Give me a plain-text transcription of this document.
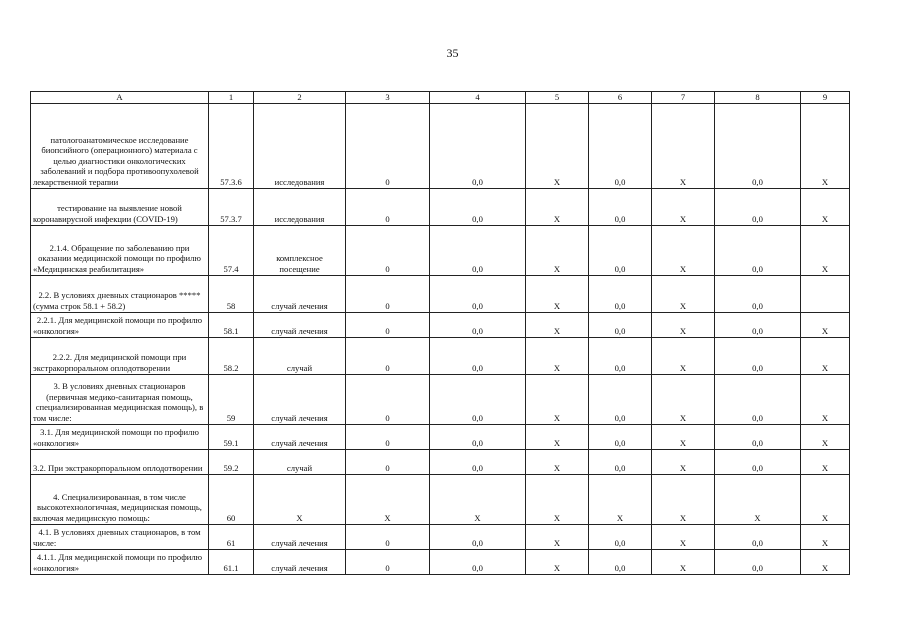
35
А	1	2	3	4	5	6	7	8	9
патологоанатомическое исследование биопсийного (операционного) материала с целью диагностики онкологических заболеваний и подбора противоопухолевой лекарственной терапии	57.3.6	исследования	0	0,0	Х	0,0	Х	0,0	Х
тестирование на выявление новой коронавирусной инфекции (COVID-19)	57.3.7	исследования	0	0,0	Х	0,0	Х	0,0	Х
2.1.4. Обращение по заболеванию при оказании медицинской помощи по профилю «Медицинская реабилитация»	57.4	комплексное посещение	0	0,0	Х	0,0	Х	0,0	Х
2.2. В условиях дневных стационаров ***** (сумма строк 58.1 + 58.2)	58	случай лечения	0	0,0	Х	0,0	Х	0,0	
2.2.1. Для медицинской помощи по профилю «онкология»	58.1	случай лечения	0	0,0	Х	0,0	Х	0,0	Х
2.2.2. Для медицинской помощи при экстракорпоральном оплодотворении	58.2	случай	0	0,0	Х	0,0	Х	0,0	Х
3. В условиях дневных стационаров (первичная медико-санитарная помощь, специализированная медицинская помощь), в том числе:	59	случай лечения	0	0,0	Х	0,0	Х	0,0	Х
3.1. Для медицинской помощи по профилю «онкология»	59.1	случай лечения	0	0,0	Х	0,0	Х	0,0	Х
3.2. При экстракорпоральном оплодотворении	59.2	случай	0	0,0	Х	0,0	Х	0,0	Х
4. Специализированная, в том числе высокотехнологичная, медицинская помощь, включая медицинскую помощь:	60	Х	Х	Х	Х	Х	Х	Х	Х
4.1. В условиях дневных стационаров, в том числе:	61	случай лечения	0	0,0	Х	0,0	Х	0,0	Х
4.1.1. Для медицинской помощи по профилю «онкология»	61.1	случай лечения	0	0,0	Х	0,0	Х	0,0	Х
